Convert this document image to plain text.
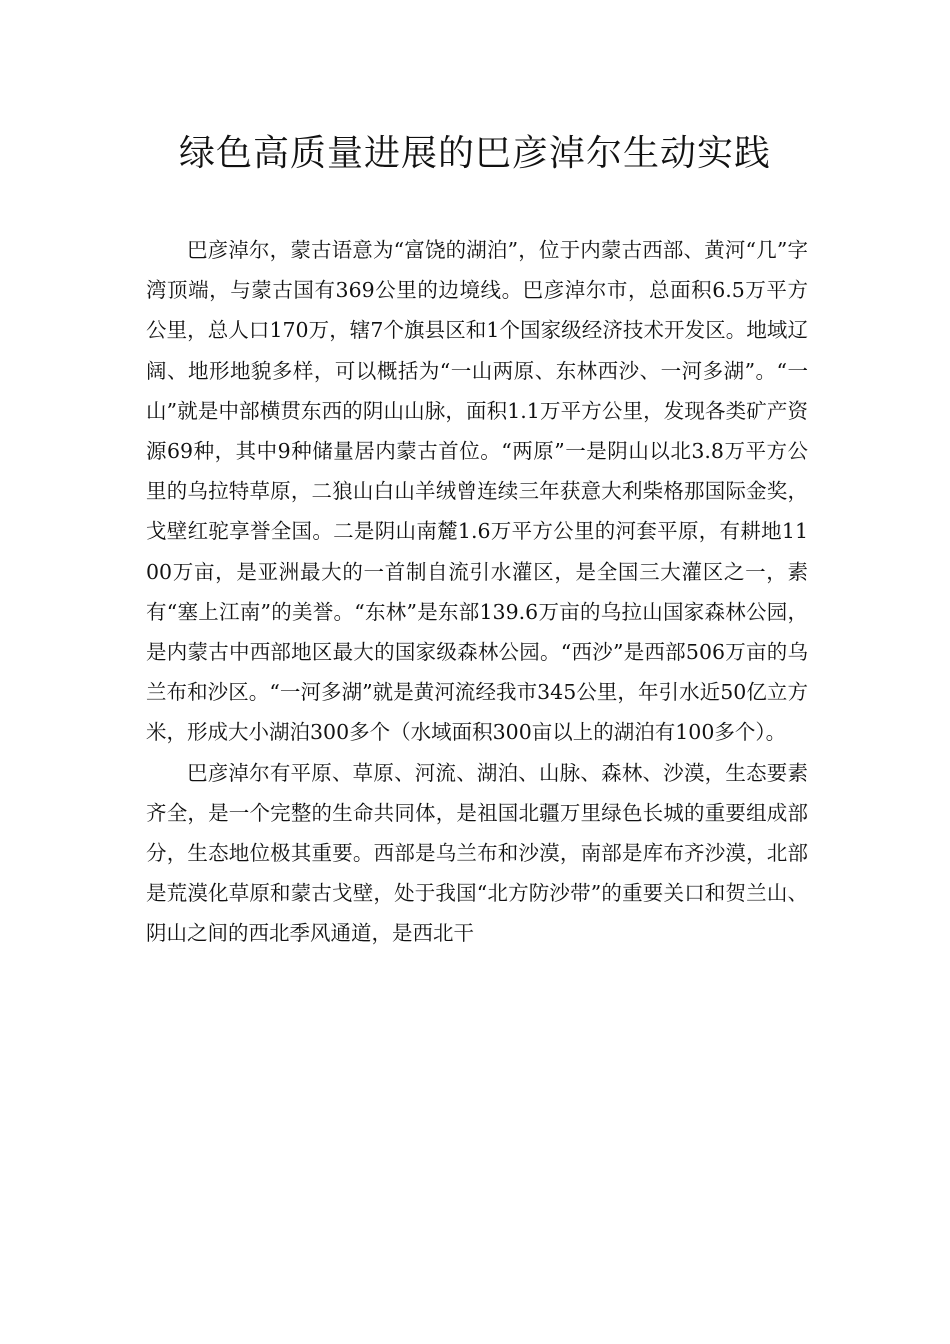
绿色高质量进展的巴彦淖尔生动实践

巴彦淖尔，蒙古语意为“富饶的湖泊”，位于内蒙古西部、黄河“几”字湾顶端，与蒙古国有369公里的边境线。巴彦淖尔市，总面积6.5万平方公里，总人口170万，辖7个旗县区和1个国家级经济技术开发区。地域辽阔、地形地貌多样，可以概括为“一山两原、东林西沙、一河多湖”。“一山”就是中部横贯东西的阴山山脉，面积1.1万平方公里，发现各类矿产资源69种，其中9种储量居内蒙古首位。“两原”一是阴山以北3.8万平方公里的乌拉特草原，二狼山白山羊绒曾连续三年获意大利柴格那国际金奖，戈壁红驼享誉全国。二是阴山南麓1.6万平方公里的河套平原，有耕地1100万亩，是亚洲最大的一首制自流引水灌区，是全国三大灌区之一，素有“塞上江南”的美誉。“东林”是东部139.6万亩的乌拉山国家森林公园，是内蒙古中西部地区最大的国家级森林公园。“西沙”是西部506万亩的乌兰布和沙区。“一河多湖”就是黄河流经我市345公里，年引水近50亿立方米，形成大小湖泊300多个（水域面积300亩以上的湖泊有100多个）。

巴彦淖尔有平原、草原、河流、湖泊、山脉、森林、沙漠，生态要素齐全，是一个完整的生命共同体，是祖国北疆万里绿色长城的重要组成部分，生态地位极其重要。西部是乌兰布和沙漠，南部是库布齐沙漠，北部是荒漠化草原和蒙古戈壁，处于我国“北方防沙带”的重要关口和贺兰山、阴山之间的西北季风通道，是西北干
